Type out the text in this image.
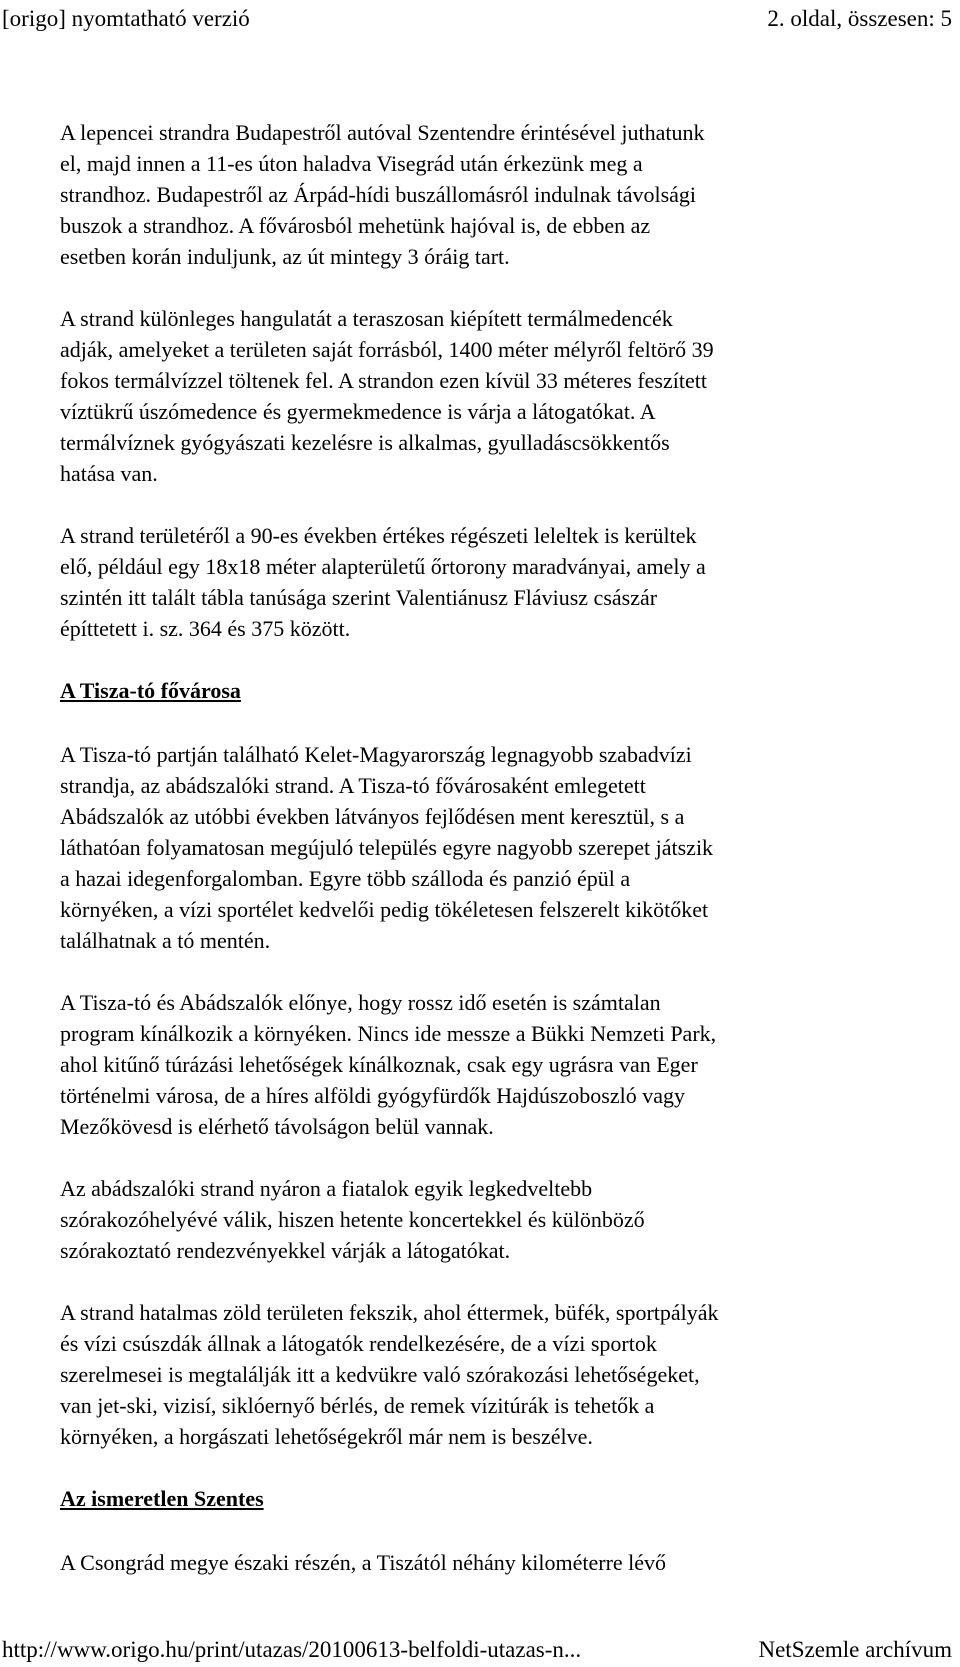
[origo] nyomtatható verzió	2. oldal, összesen: 5

A lepencei strandra Budapestről autóval Szentendre érintésével juthatunk
el, majd innen a 11-es úton haladva Visegrád után érkezünk meg a
strandhoz. Budapestről az Árpád-hídi buszállomásról indulnak távolsági
buszok a strandhoz. A fővárosból mehetünk hajóval is, de ebben az
esetben korán induljunk, az út mintegy 3 óráig tart.

A strand különleges hangulatát a teraszosan kiépített termálmedencék
adják, amelyeket a területen saját forrásból, 1400 méter mélyről feltörő 39
fokos termálvízzel töltenek fel. A strandon ezen kívül 33 méteres feszített
víztükrű úszómedence és gyermekmedence is várja a látogatókat. A
termálvíznek gyógyászati kezelésre is alkalmas, gyulladáscsökkentős
hatása van.

A strand területéről a 90-es években értékes régészeti leleltek is kerültek
elő, például egy 18x18 méter alapterületű őrtorony maradványai, amely a
szintén itt talált tábla tanúsága szerint Valentiánusz Fláviusz császár
építtetett i. sz. 364 és 375 között.

A Tisza-tó fővárosa

A Tisza-tó partján található Kelet-Magyarország legnagyobb szabadvízi
strandja, az abádszalóki strand. A Tisza-tó fővárosaként emlegetett
Abádszalók az utóbbi években látványos fejlődésen ment keresztül, s a
láthatóan folyamatosan megújuló település egyre nagyobb szerepet játszik
a hazai idegenforgalomban. Egyre több szálloda és panzió épül a
környéken, a vízi sportélet kedvelői pedig tökéletesen felszerelt kikötőket
találhatnak a tó mentén.

A Tisza-tó és Abádszalók előnye, hogy rossz idő esetén is számtalan
program kínálkozik a környéken. Nincs ide messze a Bükki Nemzeti Park,
ahol kitűnő túrázási lehetőségek kínálkoznak, csak egy ugrásra van Eger
történelmi városa, de a híres alföldi gyógyfürdők Hajdúszoboszló vagy
Mezőkövesd is elérhető távolságon belül vannak.

Az abádszalóki strand nyáron a fiatalok egyik legkedveltebb
szórakozóhelyévé válik, hiszen hetente koncertekkel és különböző
szórakoztató rendezvényekkel várják a látogatókat.

A strand hatalmas zöld területen fekszik, ahol éttermek, büfék, sportpályák
és vízi csúszdák állnak a látogatók rendelkezésére, de a vízi sportok
szerelmesei is megtalálják itt a kedvükre való szórakozási lehetőségeket,
van jet-ski, vizisí, siklóernyő bérlés, de remek vízitúrák is tehetők a
környéken, a horgászati lehetőségekről már nem is beszélve.

Az ismeretlen Szentes

A Csongrád megye északi részén, a Tiszától néhány kilométerre lévő

http://www.origo.hu/print/utazas/20100613-belfoldi-utazas-n...	NetSzemle archívum
